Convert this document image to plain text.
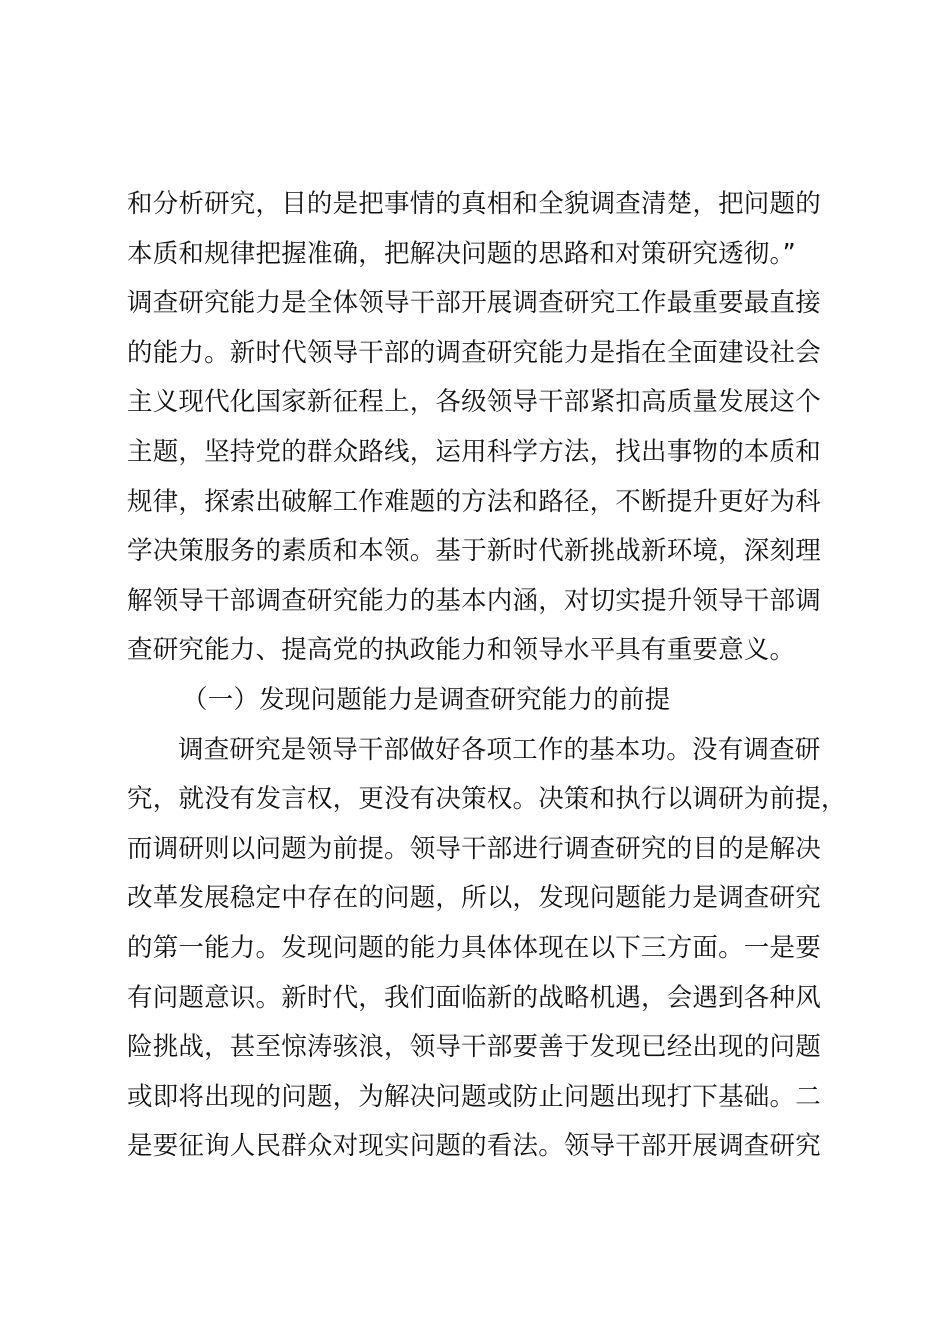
和分析研究，目的是把事情的真相和全貌调查清楚，把问题的
本质和规律把握准确，把解决问题的思路和对策研究透彻。”
调查研究能力是全体领导干部开展调查研究工作最重要最直接
的能力。新时代领导干部的调查研究能力是指在全面建设社会
主义现代化国家新征程上，各级领导干部紧扣高质量发展这个
主题，坚持党的群众路线，运用科学方法，找出事物的本质和
规律，探索出破解工作难题的方法和路径，不断提升更好为科
学决策服务的素质和本领。基于新时代新挑战新环境，深刻理
解领导干部调查研究能力的基本内涵，对切实提升领导干部调
查研究能力、提高党的执政能力和领导水平具有重要意义。
（一）发现问题能力是调查研究能力的前提
调查研究是领导干部做好各项工作的基本功。没有调查研
究，就没有发言权，更没有决策权。决策和执行以调研为前提，
而调研则以问题为前提。领导干部进行调查研究的目的是解决
改革发展稳定中存在的问题，所以，发现问题能力是调查研究
的第一能力。发现问题的能力具体体现在以下三方面。一是要
有问题意识。新时代，我们面临新的战略机遇，会遇到各种风
险挑战，甚至惊涛骇浪，领导干部要善于发现已经出现的问题
或即将出现的问题，为解决问题或防止问题出现打下基础。二
是要征询人民群众对现实问题的看法。领导干部开展调查研究
